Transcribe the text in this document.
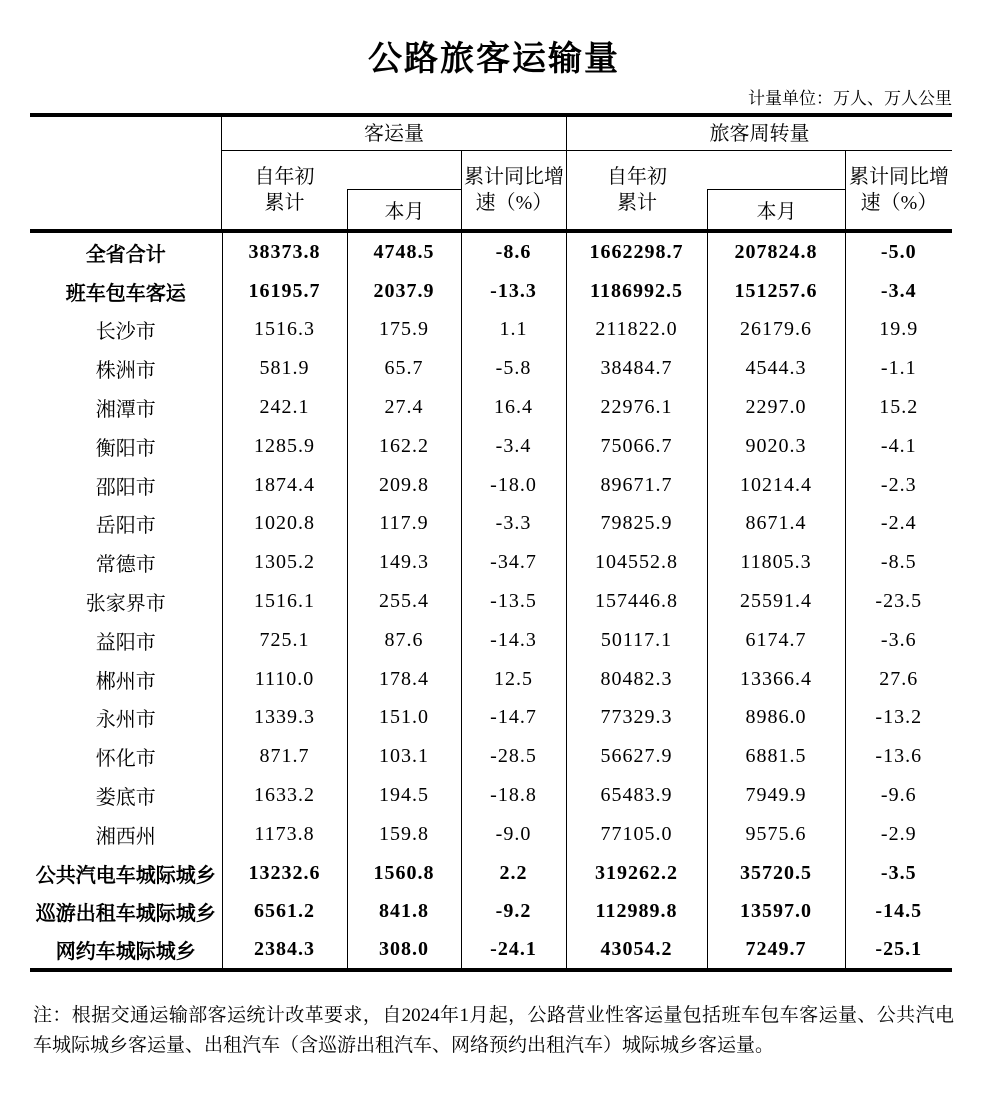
公路旅客运输量
计量单位：万人、万人公里
客运量	旅客周转量
自年初累计	本月
累计同比增速（%）
自年初累计	本月
累计同比增速（%）
全省合计	38373.8	4748.5	-8.6	1662298.7	207824.8	-5.0
班车包车客运	16195.7	2037.9	-13.3	1186992.5	151257.6	-3.4
长沙市	1516.3	175.9	1.1	211822.0	26179.6	19.9
株洲市	581.9	65.7	-5.8	38484.7	4544.3	-1.1
湘潭市	242.1	27.4	16.4	22976.1	2297.0	15.2
衡阳市	1285.9	162.2	-3.4	75066.7	9020.3	-4.1
邵阳市	1874.4	209.8	-18.0	89671.7	10214.4	-2.3
岳阳市	1020.8	117.9	-3.3	79825.9	8671.4	-2.4
常德市	1305.2	149.3	-34.7	104552.8	11805.3	-8.5
张家界市	1516.1	255.4	-13.5	157446.8	25591.4	-23.5
益阳市	725.1	87.6	-14.3	50117.1	6174.7	-3.6
郴州市	1110.0	178.4	12.5	80482.3	13366.4	27.6
永州市	1339.3	151.0	-14.7	77329.3	8986.0	-13.2
怀化市	871.7	103.1	-28.5	56627.9	6881.5	-13.6
娄底市	1633.2	194.5	-18.8	65483.9	7949.9	-9.6
湘西州	1173.8	159.8	-9.0	77105.0	9575.6	-2.9
公共汽电车城际城乡	13232.6	1560.8	2.2	319262.2	35720.5	-3.5
巡游出租车城际城乡	6561.2	841.8	-9.2	112989.8	13597.0	-14.5
网约车城际城乡	2384.3	308.0	-24.1	43054.2	7249.7	-25.1
注：根据交通运输部客运统计改革要求，自2024年1月起，公路营业性客运量包括班车包车客运量、公共汽电车城际城乡客运量、出租汽车（含巡游出租汽车、网络预约出租汽车）城际城乡客运量。
